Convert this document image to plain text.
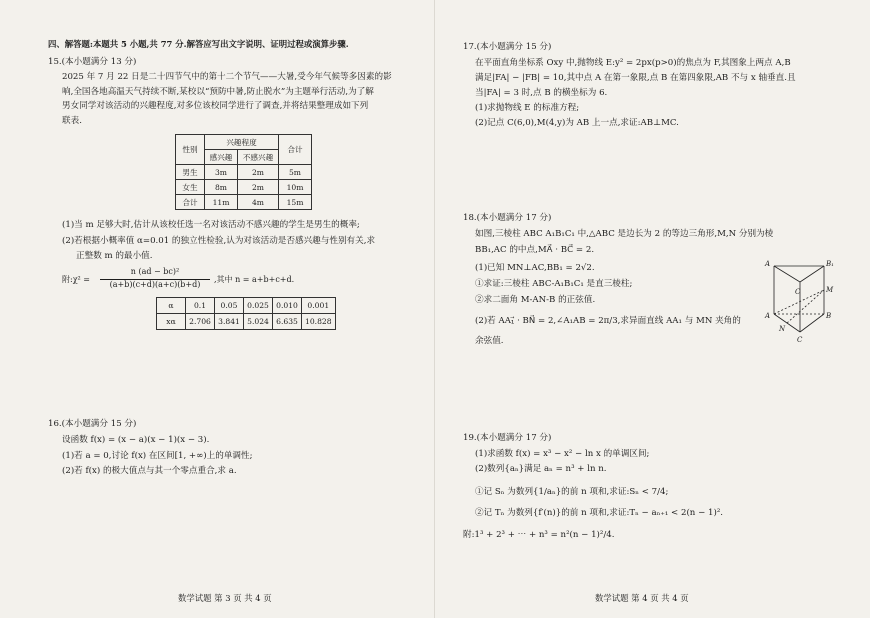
四、解答题:本题共 5 小题,共 77 分.解答应写出文字说明、证明过程或演算步骤.
15.(本小题满分 13 分)
2025 年 7 月 22 日是二十四节气中的第十二个节气——大暑,受今年气候等多因素的影
响,全国各地高温天气持续不断,某校以“预防中暑,防止脱水”为主题举行活动,为了解
男女同学对该活动的兴趣程度,对多位该校同学进行了调查,并将结果整理成如下列
联表.
性别	兴趣程度		合计
	感兴趣	不感兴趣	
男生	3m	2m	5m
女生	8m	2m	10m
合计	11m	4m	15m
(1)当 m 足够大时,估计从该校任选一名对该活动不感兴趣的学生是男生的概率;
(2)若根据小概率值 α=0.01 的独立性检验,认为对该活动是否感兴趣与性别有关,求
正整数 m 的最小值.
附:χ² =
n (ad − bc)²
(a+b)(c+d)(a+c)(b+d)
,其中 n = a+b+c+d.
α	0.1	0.05	0.025	0.010	0.001
xα	2.706	3.841	5.024	6.635	10.828
16.(本小题满分 15 分)
设函数 f(x) = (x − a)(x − 1)(x − 3).
(1)若 a = 0,讨论 f(x) 在区间[1, +∞)上的单调性;
(2)若 f(x) 的极大值点与其一个零点重合,求 a.
数学试题 第 3 页 共 4 页
17.(本小题满分 15 分)
在平面直角坐标系 Oxy 中,抛物线 E:y² = 2px(p>0)的焦点为 F,其图象上两点 A,B
满足|FA| − |FB| = 10,其中点 A 在第一象限,点 B 在第四象限,AB 不与 x 轴垂直.且
当|FA| = 3 时,点 B 的横坐标为 6.
(1)求抛物线 E 的标准方程;
(2)记点 C(6,0),M(4,y)为 AB 上一点,求证:AB⊥MC.
18.(本小题满分 17 分)
如图,三棱柱 ABC A₁B₁C₁ 中,△ABC 是边长为 2 的等边三角形,M,N 分别为棱
BB₁,AC 的中点,MA⃗ · BC⃗ = 2.
(1)已知 MN⊥AC,BB₁ = 2√2.
①求证:三棱柱 ABC-A₁B₁C₁ 是直三棱柱;
②求二面角 M-AN-B 的正弦值.
(2)若 AA₁⃗ · BN⃗ = 2,∠A₁AB = 2π/3,求异面直线 AA₁ 与 MN 夹角的
余弦值.
A	B₁
C
A
M
N
B
C
19.(本小题满分 17 分)
(1)求函数 f(x) = x³ − x² − ln x 的单调区间;
(2)数列{aₙ}满足 aₙ = n³ + ln n.
①记 Sₙ 为数列{1/aₙ}的前 n 项和,求证:Sₙ < 7/4;
②记 Tₙ 为数列{f′(n)}的前 n 项和,求证:Tₙ − aₙ₊₁ < 2(n − 1)².
附:1³ + 2³ + ⋯ + n³ = n²(n − 1)²/4.
数学试题 第 4 页 共 4 页
